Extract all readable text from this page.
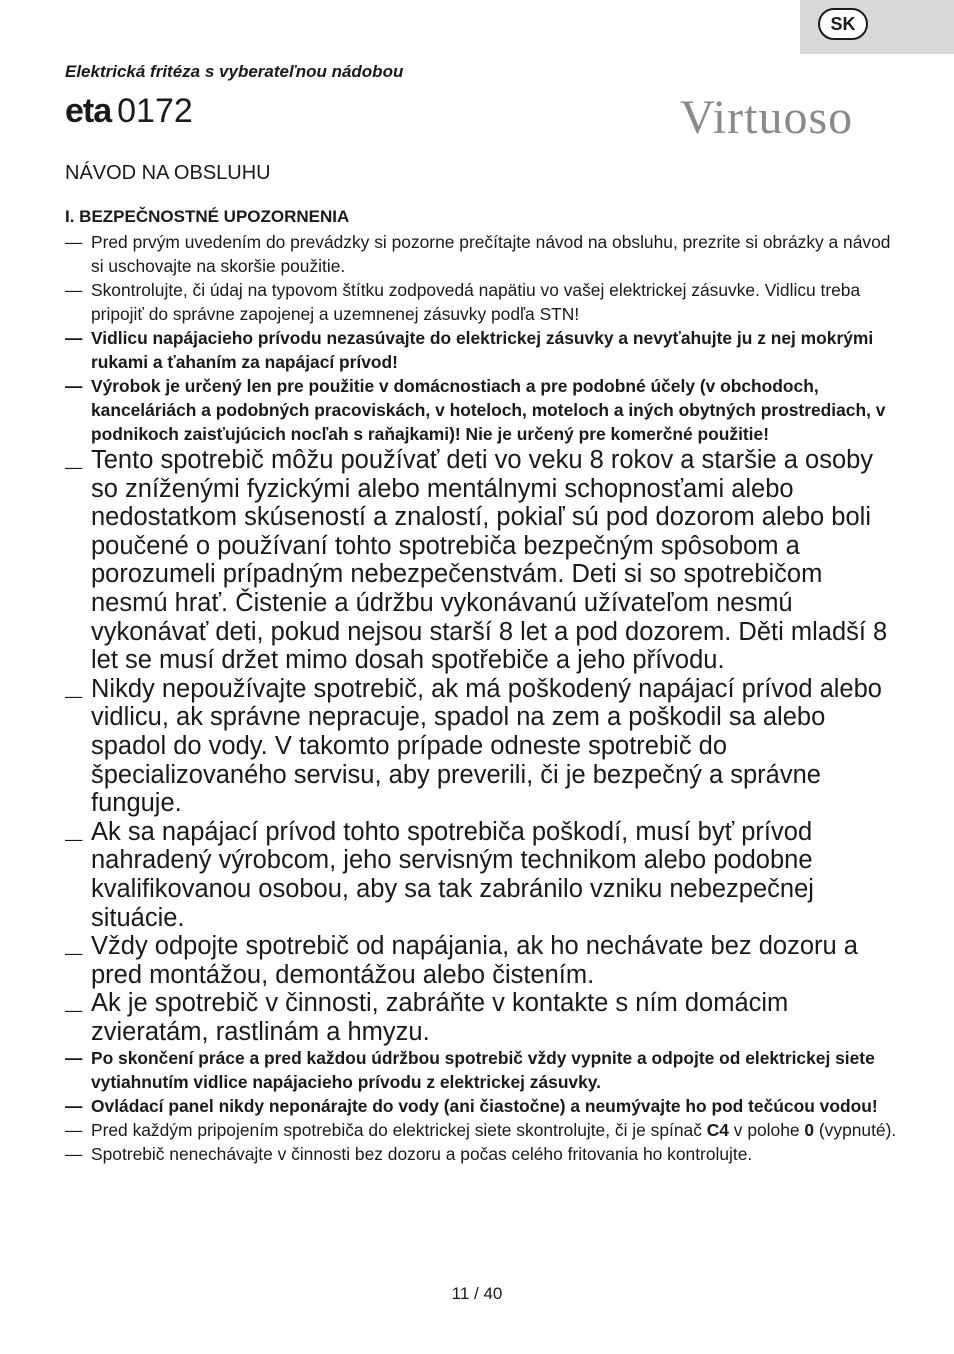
SK
Elektrická fritéza s vyberateľnou nádobou
eta 0172	Virtuoso
NÁVOD NA OBSLUHU
I. BEZPEČNOSTNÉ UPOZORNENIA
— Pred prvým uvedením do prevádzky si pozorne prečítajte návod na obsluhu, prezrite si obrázky a návod si uschovajte na skoršie použitie.
— Skontrolujte, či údaj na typovom štítku zodpovedá napätiu vo vašej elektrickej zásuvke. Vidlicu treba pripojiť do správne zapojenej a uzemnenej zásuvky podľa STN!
— Vidlicu napájacieho prívodu nezasúvajte do elektrickej zásuvky a nevyťahujte ju z nej mokrými rukami a ťahaním za napájací prívod!
— Výrobok je určený len pre použitie v domácnostiach a pre podobné účely (v obchodoch, kanceláriách a podobných pracoviskách, v hoteloch, moteloch a iných obytných prostrediach, v podnikoch zaisťujúcich nocľah s raňajkami)! Nie je určený pre komerčné použitie!
— Tento spotrebič môžu používať deti vo veku 8 rokov a staršie a osoby so zníženými fyzickými alebo mentálnymi schopnosťami alebo nedostatkom skúseností a znalostí, pokiaľ sú pod dozorom alebo boli poučené o používaní tohto spotrebiča bezpečným spôsobom a porozumeli prípadným nebezpečenstvám. Deti si so spotrebičom nesmú hrať. Čistenie a údržbu vykonávanú užívateľom nesmú vykonávať deti, pokud nejsou starší 8 let a pod dozorem. Děti mladší 8 let se musí držet mimo dosah spotřebiče a jeho přívodu.
— Nikdy nepoužívajte spotrebič, ak má poškodený napájací prívod alebo vidlicu, ak správne nepracuje, spadol na zem a poškodil sa alebo spadol do vody. V takomto prípade odneste spotrebič do špecializovaného servisu, aby preverili, či je bezpečný a správne funguje.
— Ak sa napájací prívod tohto spotrebiča poškodí, musí byť prívod nahradený výrobcom, jeho servisným technikom alebo podobne kvalifikovanou osobou, aby sa tak zabránilo vzniku nebezpečnej situácie.
— Vždy odpojte spotrebič od napájania, ak ho nechávate bez dozoru a pred montážou, demontážou alebo čistením.
— Ak je spotrebič v činnosti, zabráňte v kontakte s ním domácim zvieratám, rastlinám a hmyzu.
— Po skončení práce a pred každou údržbou spotrebič vždy vypnite a odpojte od elektrickej siete vytiahnutím vidlice napájacieho prívodu z elektrickej zásuvky.
— Ovládací panel nikdy neponárajte do vody (ani čiastočne) a neumývajte ho pod tečúcou vodou!
— Pred každým pripojením spotrebiča do elektrickej siete skontrolujte, či je spínač C4 v polohe 0 (vypnuté).
— Spotrebič nenechávajte v činnosti bez dozoru a počas celého fritovania ho kontrolujte.
11 / 40
